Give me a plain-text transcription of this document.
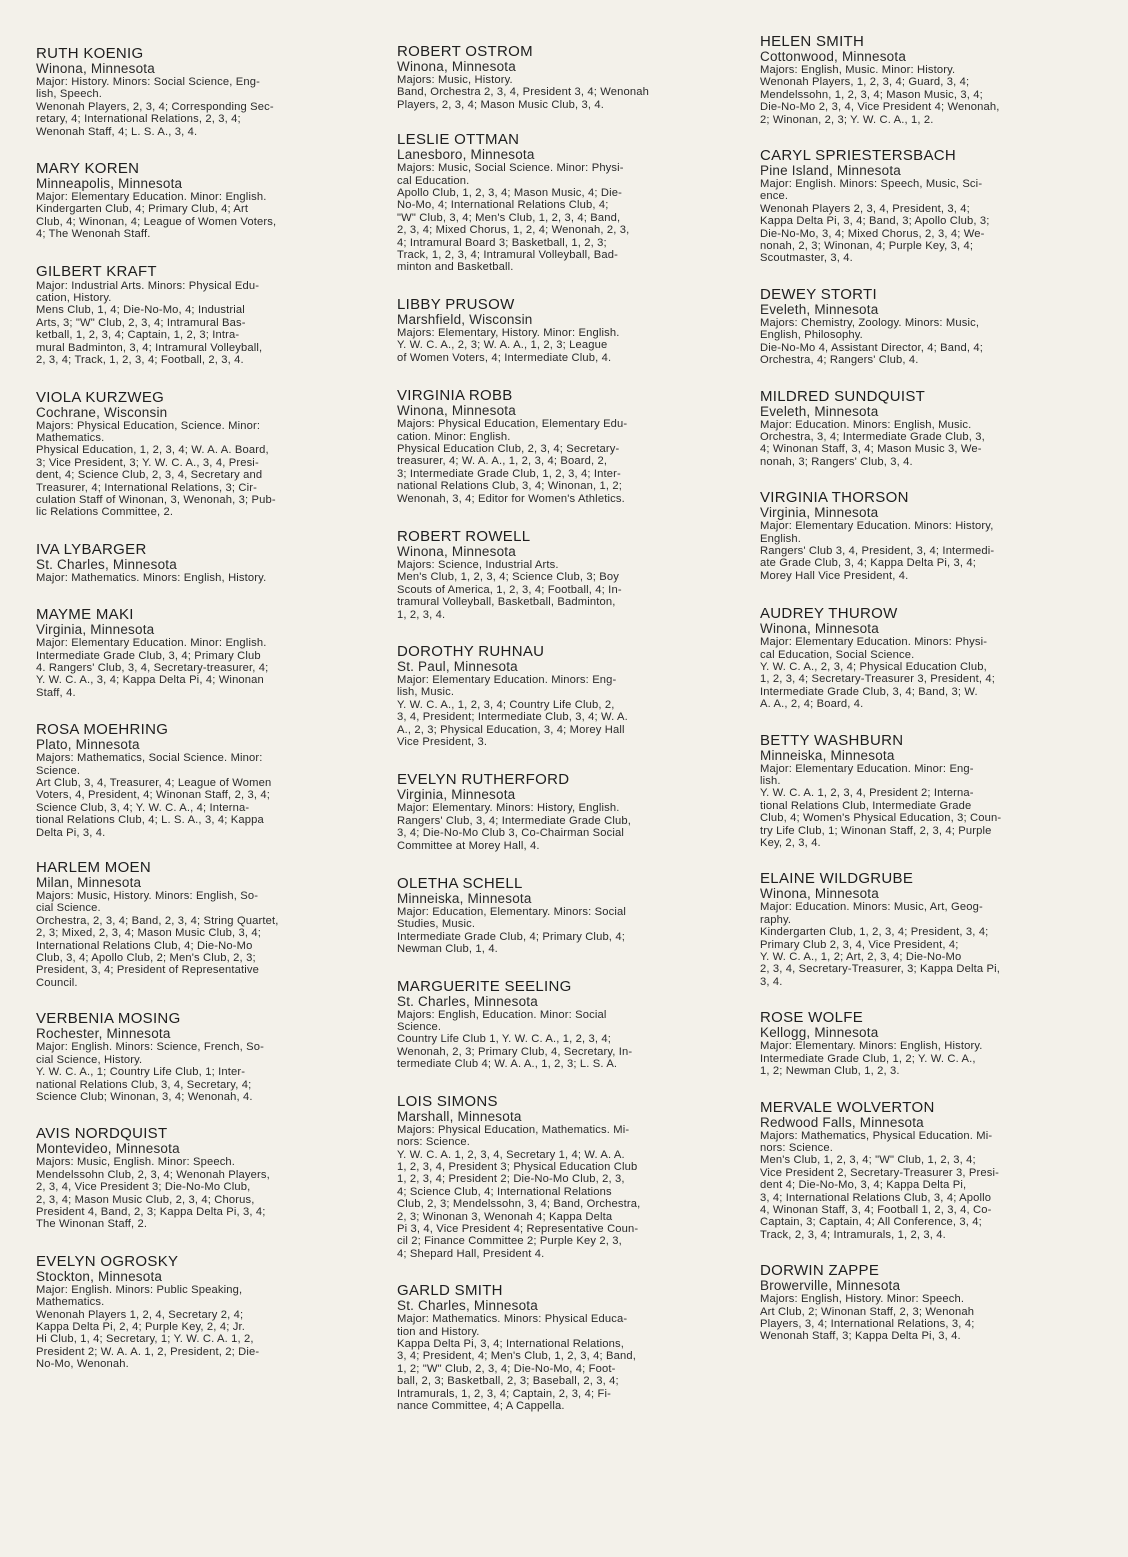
RUTH KOENIG
Winona, Minnesota
Major: History. Minors: Social Science, Eng-
lish, Speech.
Wenonah Players, 2, 3, 4; Corresponding Sec-
retary, 4; International Relations, 2, 3, 4;
Wenonah Staff, 4; L. S. A., 3, 4.
MARY KOREN
Minneapolis, Minnesota
Major: Elementary Education. Minor: English.
Kindergarten Club, 4; Primary Club, 4; Art
Club, 4; Winonan, 4; League of Women Voters,
4; The Wenonah Staff.
GILBERT KRAFT
Major: Industrial Arts. Minors: Physical Edu-
cation, History.
Mens Club, 1, 4; Die-No-Mo, 4; Industrial
Arts, 3; "W" Club, 2, 3, 4; Intramural Bas-
ketball, 1, 2, 3, 4; Captain, 1, 2, 3; Intra-
mural Badminton, 3, 4; Intramural Volleyball,
2, 3, 4; Track, 1, 2, 3, 4; Football, 2, 3, 4.
VIOLA KURZWEG
Cochrane, Wisconsin
Majors: Physical Education, Science. Minor:
Mathematics.
Physical Education, 1, 2, 3, 4; W. A. A. Board,
3; Vice President, 3; Y. W. C. A., 3, 4, Presi-
dent, 4; Science Club, 2, 3, 4, Secretary and
Treasurer, 4; International Relations, 3; Cir-
culation Staff of Winonan, 3, Wenonah, 3; Pub-
lic Relations Committee, 2.
IVA LYBARGER
St. Charles, Minnesota
Major: Mathematics. Minors: English, History.
MAYME MAKI
Virginia, Minnesota
Major: Elementary Education. Minor: English.
Intermediate Grade Club, 3, 4; Primary Club
4. Rangers' Club, 3, 4, Secretary-treasurer, 4;
Y. W. C. A., 3, 4; Kappa Delta Pi, 4; Winonan
Staff, 4.
ROSA MOEHRING
Plato, Minnesota
Majors: Mathematics, Social Science. Minor:
Science.
Art Club, 3, 4, Treasurer, 4; League of Women
Voters, 4, President, 4; Winonan Staff, 2, 3, 4;
Science Club, 3, 4; Y. W. C. A., 4; Interna-
tional Relations Club, 4; L. S. A., 3, 4; Kappa
Delta Pi, 3, 4.
HARLEM MOEN
Milan, Minnesota
Majors: Music, History. Minors: English, So-
cial Science.
Orchestra, 2, 3, 4; Band, 2, 3, 4; String Quartet,
2, 3; Mixed, 2, 3, 4; Mason Music Club, 3, 4;
International Relations Club, 4; Die-No-Mo
Club, 3, 4; Apollo Club, 2; Men's Club, 2, 3;
President, 3, 4; President of Representative
Council.
VERBENIA MOSING
Rochester, Minnesota
Major: English. Minors: Science, French, So-
cial Science, History.
Y. W. C. A., 1; Country Life Club, 1; Inter-
national Relations Club, 3, 4, Secretary, 4;
Science Club; Winonan, 3, 4; Wenonah, 4.
AVIS NORDQUIST
Montevideo, Minnesota
Majors: Music, English. Minor: Speech.
Mendelssohn Club, 2, 3, 4; Wenonah Players,
2, 3, 4, Vice President 3; Die-No-Mo Club,
2, 3, 4; Mason Music Club, 2, 3, 4; Chorus,
President 4, Band, 2, 3; Kappa Delta Pi, 3, 4;
The Winonan Staff, 2.
EVELYN OGROSKY
Stockton, Minnesota
Major: English. Minors: Public Speaking,
Mathematics.
Wenonah Players 1, 2, 4, Secretary 2, 4;
Kappa Delta Pi, 2, 4; Purple Key, 2, 4; Jr.
Hi Club, 1, 4; Secretary, 1; Y. W. C. A. 1, 2,
President 2; W. A. A. 1, 2, President, 2; Die-
No-Mo, Wenonah.
ROBERT OSTROM
Winona, Minnesota
Majors: Music, History.
Band, Orchestra 2, 3, 4, President 3, 4; Wenonah
Players, 2, 3, 4; Mason Music Club, 3, 4.
LESLIE OTTMAN
Lanesboro, Minnesota
Majors: Music, Social Science. Minor: Physi-
cal Education.
Apollo Club, 1, 2, 3, 4; Mason Music, 4; Die-
No-Mo, 4; International Relations Club, 4;
"W" Club, 3, 4; Men's Club, 1, 2, 3, 4; Band,
2, 3, 4; Mixed Chorus, 1, 2, 4; Wenonah, 2, 3,
4; Intramural Board 3; Basketball, 1, 2, 3;
Track, 1, 2, 3, 4; Intramural Volleyball, Bad-
minton and Basketball.
LIBBY PRUSOW
Marshfield, Wisconsin
Majors: Elementary, History. Minor: English.
Y. W. C. A., 2, 3; W. A. A., 1, 2, 3; League
of Women Voters, 4; Intermediate Club, 4.
VIRGINIA ROBB
Winona, Minnesota
Majors: Physical Education, Elementary Edu-
cation. Minor: English.
Physical Education Club, 2, 3, 4; Secretary-
treasurer, 4; W. A. A., 1, 2, 3, 4; Board, 2,
3; Intermediate Grade Club, 1, 2, 3, 4; Inter-
national Relations Club, 3, 4; Winonan, 1, 2;
Wenonah, 3, 4; Editor for Women's Athletics.
ROBERT ROWELL
Winona, Minnesota
Majors: Science, Industrial Arts.
Men's Club, 1, 2, 3, 4; Science Club, 3; Boy
Scouts of America, 1, 2, 3, 4; Football, 4; In-
tramural Volleyball, Basketball, Badminton,
1, 2, 3, 4.
DOROTHY RUHNAU
St. Paul, Minnesota
Major: Elementary Education. Minors: Eng-
lish, Music.
Y. W. C. A., 1, 2, 3, 4; Country Life Club, 2,
3, 4, President; Intermediate Club, 3, 4; W. A.
A., 2, 3; Physical Education, 3, 4; Morey Hall
Vice President, 3.
EVELYN RUTHERFORD
Virginia, Minnesota
Major: Elementary. Minors: History, English.
Rangers' Club, 3, 4; Intermediate Grade Club,
3, 4; Die-No-Mo Club 3, Co-Chairman Social
Committee at Morey Hall, 4.
OLETHA SCHELL
Minneiska, Minnesota
Major: Education, Elementary. Minors: Social
Studies, Music.
Intermediate Grade Club, 4; Primary Club, 4;
Newman Club, 1, 4.
MARGUERITE SEELING
St. Charles, Minnesota
Majors: English, Education. Minor: Social
Science.
Country Life Club 1, Y. W. C. A., 1, 2, 3, 4;
Wenonah, 2, 3; Primary Club, 4, Secretary, In-
termediate Club 4; W. A. A., 1, 2, 3; L. S. A.
LOIS SIMONS
Marshall, Minnesota
Majors: Physical Education, Mathematics. Mi-
nors: Science.
Y. W. C. A. 1, 2, 3, 4, Secretary 1, 4; W. A. A.
1, 2, 3, 4, President 3; Physical Education Club
1, 2, 3, 4; President 2; Die-No-Mo Club, 2, 3,
4; Science Club, 4; International Relations
Club, 2, 3; Mendelssohn, 3, 4; Band, Orchestra,
2, 3; Winonan 3, Wenonah 4; Kappa Delta
Pi 3, 4, Vice President 4; Representative Coun-
cil 2; Finance Committee 2; Purple Key 2, 3,
4; Shepard Hall, President 4.
GARLD SMITH
St. Charles, Minnesota
Major: Mathematics. Minors: Physical Educa-
tion and History.
Kappa Delta Pi, 3, 4; International Relations,
3, 4; President, 4; Men's Club, 1, 2, 3, 4; Band,
1, 2; "W" Club, 2, 3, 4; Die-No-Mo, 4; Foot-
ball, 2, 3; Basketball, 2, 3; Baseball, 2, 3, 4;
Intramurals, 1, 2, 3, 4; Captain, 2, 3, 4; Fi-
nance Committee, 4; A Cappella.
HELEN SMITH
Cottonwood, Minnesota
Majors: English, Music. Minor: History.
Wenonah Players, 1, 2, 3, 4; Guard, 3, 4;
Mendelssohn, 1, 2, 3, 4; Mason Music, 3, 4;
Die-No-Mo 2, 3, 4, Vice President 4; Wenonah,
2; Winonan, 2, 3; Y. W. C. A., 1, 2.
CARYL SPRIESTERSBACH
Pine Island, Minnesota
Major: English. Minors: Speech, Music, Sci-
ence.
Wenonah Players 2, 3, 4, President, 3, 4;
Kappa Delta Pi, 3, 4; Band, 3; Apollo Club, 3;
Die-No-Mo, 3, 4; Mixed Chorus, 2, 3, 4; We-
nonah, 2, 3; Winonan, 4; Purple Key, 3, 4;
Scoutmaster, 3, 4.
DEWEY STORTI
Eveleth, Minnesota
Majors: Chemistry, Zoology. Minors: Music,
English, Philosophy.
Die-No-Mo 4, Assistant Director, 4; Band, 4;
Orchestra, 4; Rangers' Club, 4.
MILDRED SUNDQUIST
Eveleth, Minnesota
Major: Education. Minors: English, Music.
Orchestra, 3, 4; Intermediate Grade Club, 3,
4; Winonan Staff, 3, 4; Mason Music 3, We-
nonah, 3; Rangers' Club, 3, 4.
VIRGINIA THORSON
Virginia, Minnesota
Major: Elementary Education. Minors: History,
English.
Rangers' Club 3, 4, President, 3, 4; Intermedi-
ate Grade Club, 3, 4; Kappa Delta Pi, 3, 4;
Morey Hall Vice President, 4.
AUDREY THUROW
Winona, Minnesota
Major: Elementary Education. Minors: Physi-
cal Education, Social Science.
Y. W. C. A., 2, 3, 4; Physical Education Club,
1, 2, 3, 4; Secretary-Treasurer 3, President, 4;
Intermediate Grade Club, 3, 4; Band, 3; W.
A. A., 2, 4; Board, 4.
BETTY WASHBURN
Minneiska, Minnesota
Major: Elementary Education. Minor: Eng-
lish.
Y. W. C. A. 1, 2, 3, 4, President 2; Interna-
tional Relations Club, Intermediate Grade
Club, 4; Women's Physical Education, 3; Coun-
try Life Club, 1; Winonan Staff, 2, 3, 4; Purple
Key, 2, 3, 4.
ELAINE WILDGRUBE
Winona, Minnesota
Major: Education. Minors: Music, Art, Geog-
raphy.
Kindergarten Club, 1, 2, 3, 4; President, 3, 4;
Primary Club 2, 3, 4, Vice President, 4;
Y. W. C. A., 1, 2; Art, 2, 3, 4; Die-No-Mo
2, 3, 4, Secretary-Treasurer, 3; Kappa Delta Pi,
3, 4.
ROSE WOLFE
Kellogg, Minnesota
Major: Elementary. Minors: English, History.
Intermediate Grade Club, 1, 2; Y. W. C. A.,
1, 2; Newman Club, 1, 2, 3.
MERVALE WOLVERTON
Redwood Falls, Minnesota
Majors: Mathematics, Physical Education. Mi-
nors: Science.
Men's Club, 1, 2, 3, 4; "W" Club, 1, 2, 3, 4;
Vice President 2, Secretary-Treasurer 3, Presi-
dent 4; Die-No-Mo, 3, 4; Kappa Delta Pi,
3, 4; International Relations Club, 3, 4; Apollo
4, Winonan Staff, 3, 4; Football 1, 2, 3, 4, Co-
Captain, 3; Captain, 4; All Conference, 3, 4;
Track, 2, 3, 4; Intramurals, 1, 2, 3, 4.
DORWIN ZAPPE
Browerville, Minnesota
Majors: English, History. Minor: Speech.
Art Club, 2; Winonan Staff, 2, 3; Wenonah
Players, 3, 4; International Relations, 3, 4;
Wenonah Staff, 3; Kappa Delta Pi, 3, 4.
